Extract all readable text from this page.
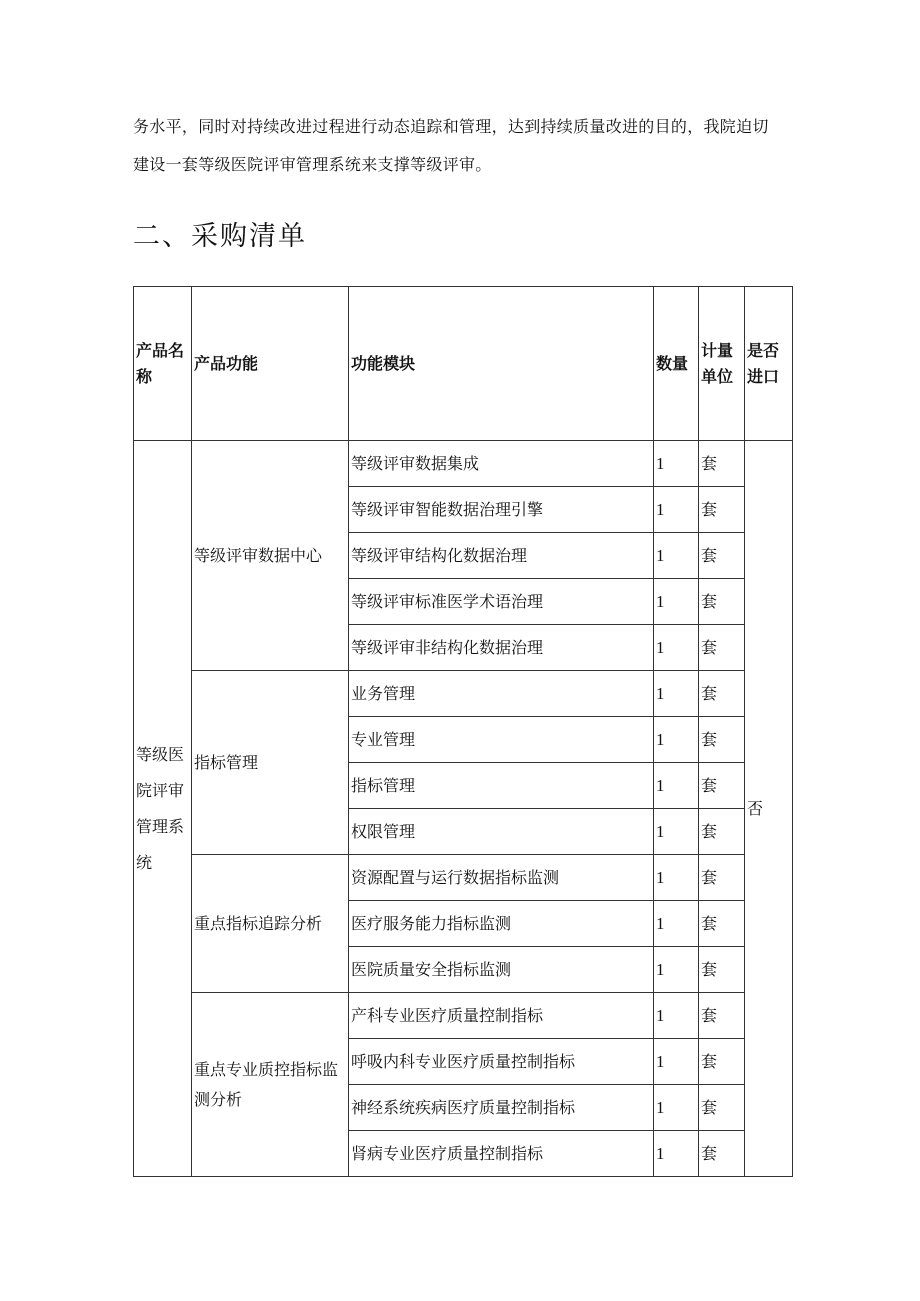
务水平，同时对持续改进过程进行动态追踪和管理，达到持续质量改进的目的，我院迫切

建设一套等级医院评审管理系统来支撑等级评审。

二、采购清单
产品名称	产品功能	功能模块	数量	计量单位	是否进口
等级医院评审管理系统	等级评审数据中心	等级评审数据集成	1	套	否
		等级评审智能数据治理引擎	1	套	
		等级评审结构化数据治理	1	套	
		等级评审标准医学术语治理	1	套	
		等级评审非结构化数据治理	1	套	
	指标管理	业务管理	1	套	
		专业管理	1	套	
		指标管理	1	套	
		权限管理	1	套	
	重点指标追踪分析	资源配置与运行数据指标监测	1	套	
		医疗服务能力指标监测	1	套	
		医院质量安全指标监测	1	套	
	重点专业质控指标监测分析	产科专业医疗质量控制指标	1	套	
		呼吸内科专业医疗质量控制指标	1	套	
		神经系统疾病医疗质量控制指标	1	套	
		肾病专业医疗质量控制指标	1	套	
